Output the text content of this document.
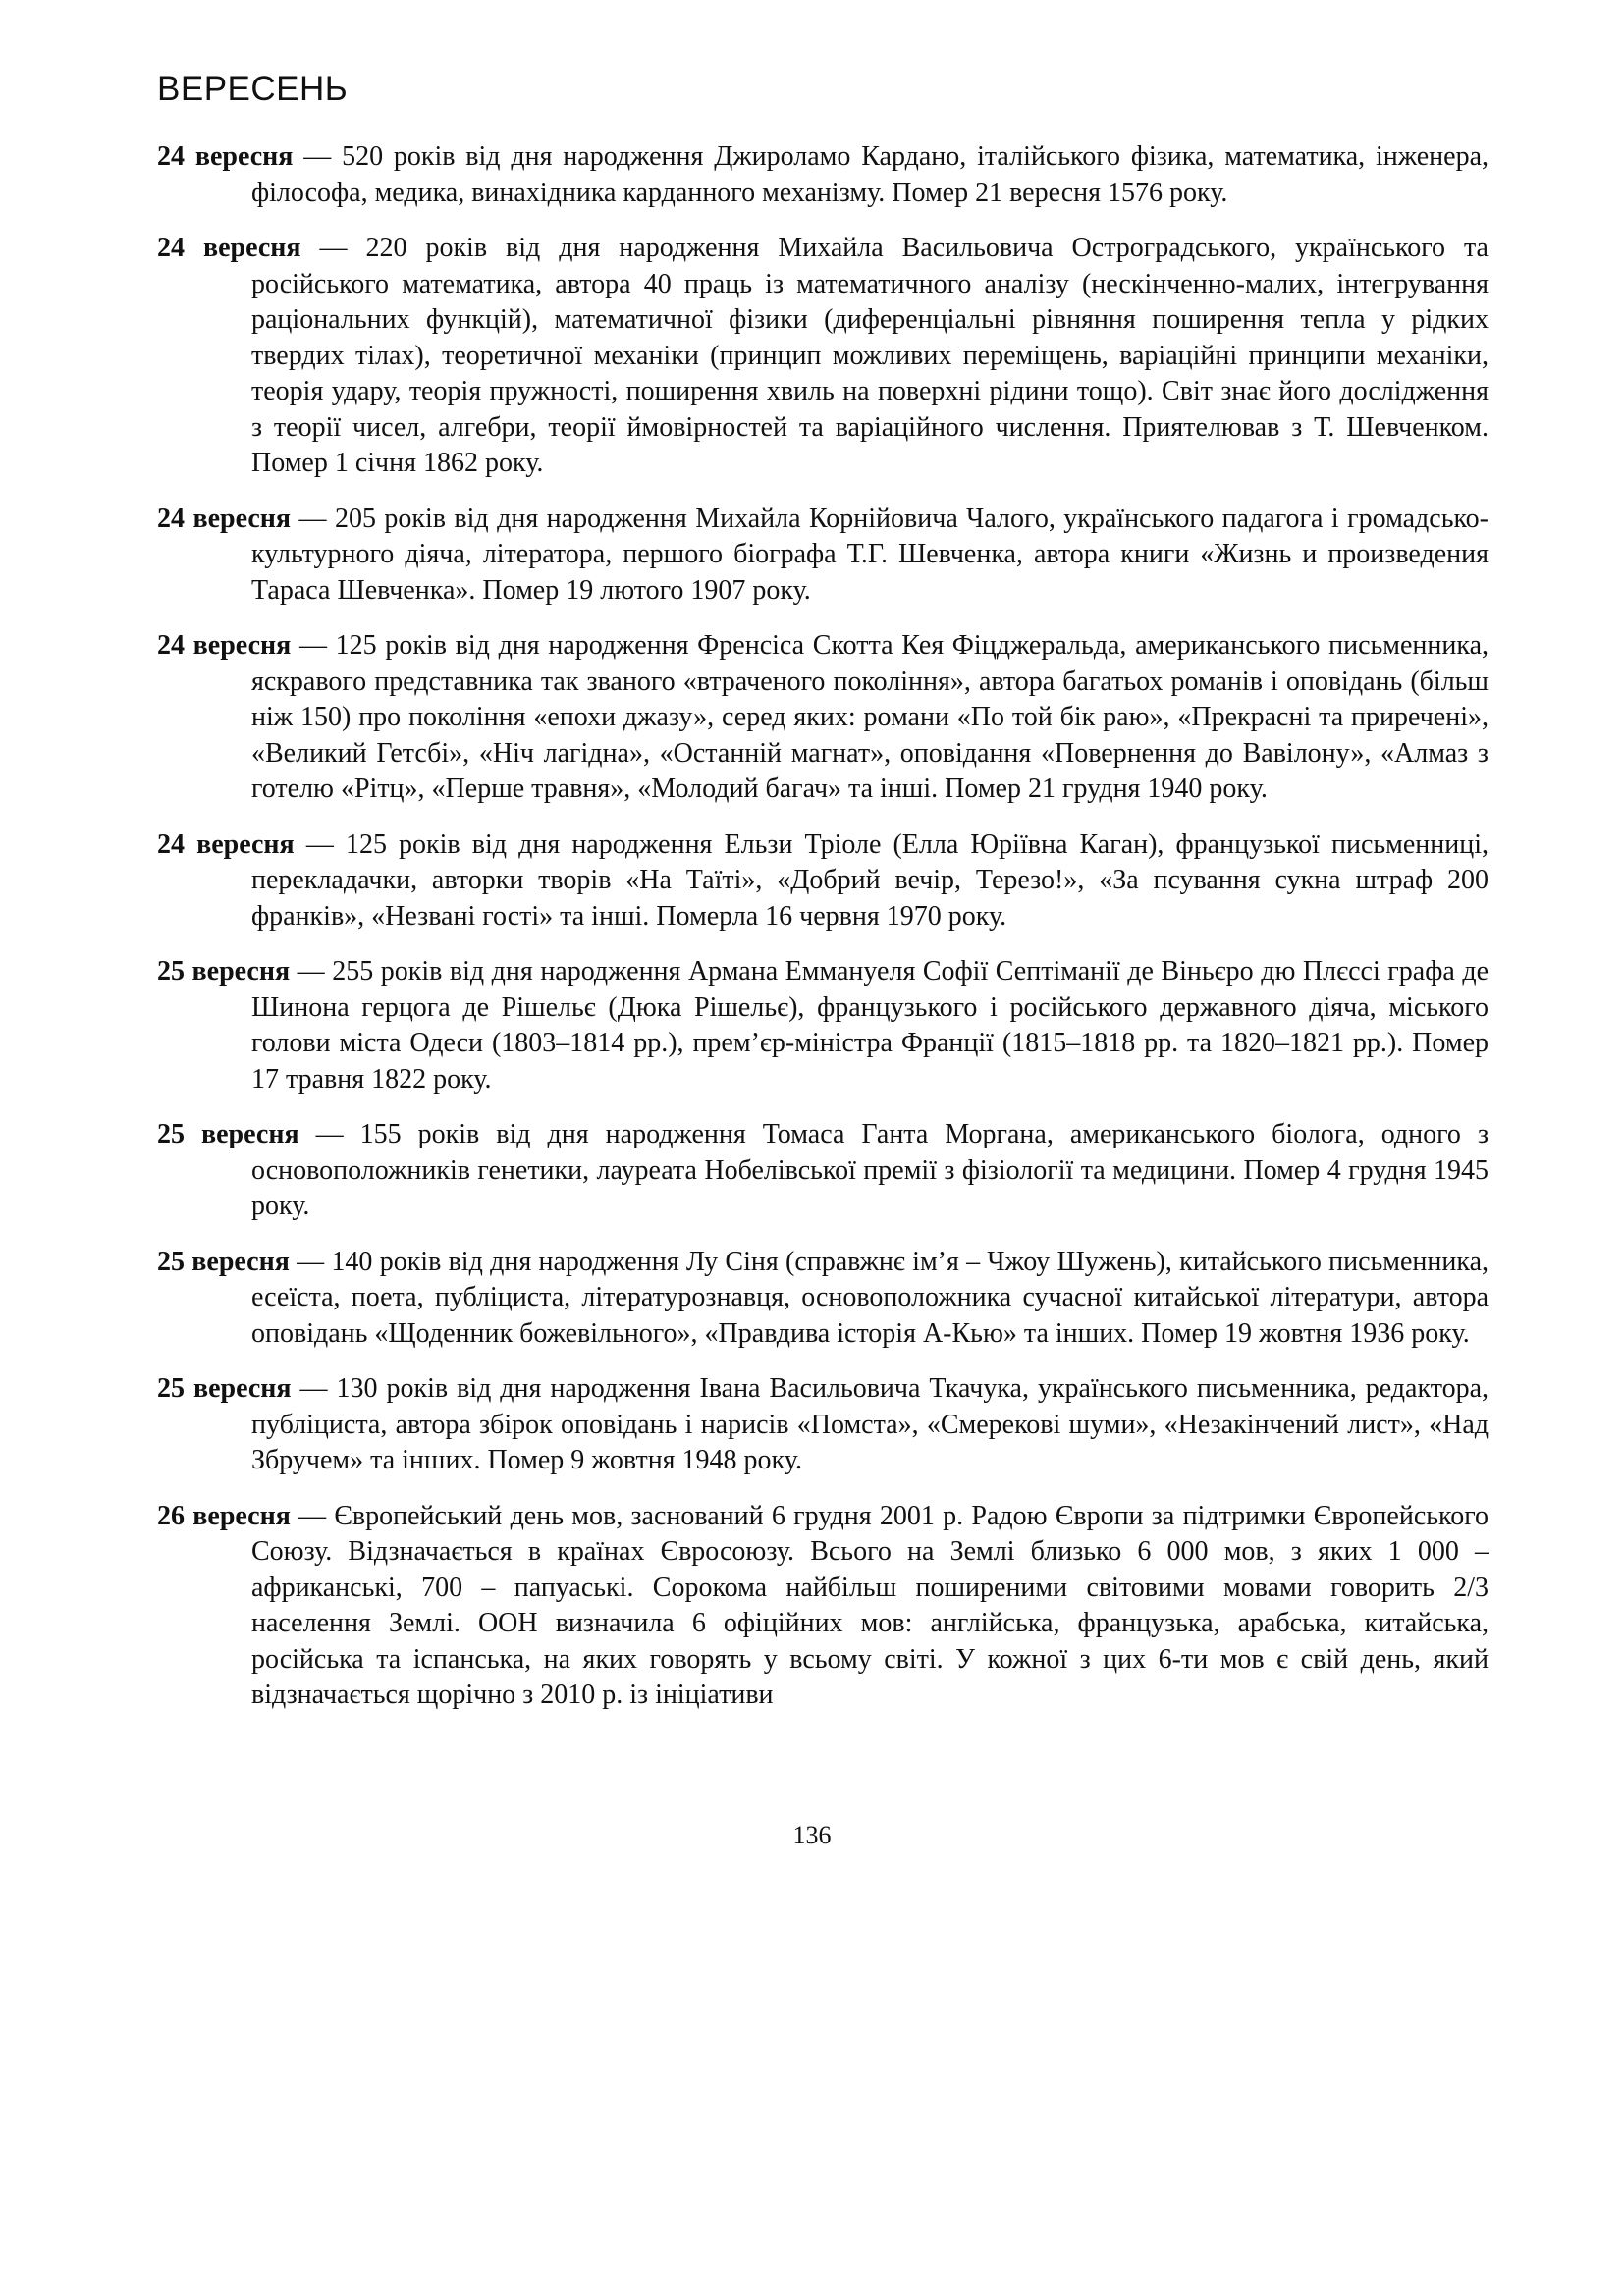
ВЕРЕСЕНЬ
24 вересня — 520 років від дня народження Джироламо Кардано, італійського фізика, математика, інженера, філософа, медика, винахідника карданного механізму. Помер 21 вересня 1576 року.
24 вересня — 220 років від дня народження Михайла Васильовича Остроградського, українського та російського математика, автора 40 праць із математичного аналізу (нескінченно-малих, інтегрування раціональних функцій), математичної фізики (диференціальні рівняння поширення тепла у рідких твердих тілах), теоретичної механіки (принцип можливих переміщень, варіаційні принципи механіки, теорія удару, теорія пружності, поширення хвиль на поверхні рідини тощо). Світ знає його дослідження з теорії чисел, алгебри, теорії ймовірностей та варіаційного числення. Приятелював з Т. Шевченком. Помер 1 січня 1862 року.
24 вересня — 205 років від дня народження Михайла Корнійовича Чалого, українського падагога і громадсько-культурного діяча, літератора, першого біографа Т.Г. Шевченка, автора книги «Жизнь и произведения Тараса Шевченка». Помер 19 лютого 1907 року.
24 вересня — 125 років від дня народження Френсіса Скотта Кея Фіцджеральда, американського письменника, яскравого представника так званого «втраченого покоління», автора багатьох романів і оповідань (більш ніж 150) про покоління «епохи джазу», серед яких: романи «По той бік раю», «Прекрасні та приречені», «Великий Гетсбі», «Ніч лагідна», «Останній магнат», оповідання «Повернення до Вавілону», «Алмаз з готелю «Рітц», «Перше травня», «Молодий багач» та інші. Помер 21 грудня 1940 року.
24 вересня — 125 років від дня народження Ельзи Тріоле (Елла Юріївна Каган), французької письменниці, перекладачки, авторки творів «На Таїті», «Добрий вечір, Терезо!», «За псування сукна штраф 200 франків», «Незвані гості» та інші. Померла 16 червня 1970 року.
25 вересня — 255 років від дня народження Армана Еммануеля Софії Септіманії де Віньєро дю Плєссі графа де Шинона герцога де Рішельє (Дюка Рішельє), французького і російського державного діяча, міського голови міста Одеси (1803–1814 рр.), прем’єр-міністра Франції (1815–1818 рр. та 1820–1821 рр.). Помер 17 травня 1822 року.
25 вересня — 155 років від дня народження Томаса Ганта Моргана, американського біолога, одного з основоположників генетики, лауреата Нобелівської премії з фізіології та медицини. Помер 4 грудня 1945 року.
25 вересня — 140 років від дня народження Лу Сіня (справжнє ім’я – Чжоу Шужень), китайського письменника, есеїста, поета, публіциста, літературознавця, основоположника сучасної китайської літератури, автора оповідань «Щоденник божевільного», «Правдива історія А-Кью» та інших. Помер 19 жовтня 1936 року.
25 вересня — 130 років від дня народження Івана Васильовича Ткачука, українського письменника, редактора, публіциста, автора збірок оповідань і нарисів «Помста», «Смерекові шуми», «Незакінчений лист», «Над Збручем» та інших. Помер 9 жовтня 1948 року.
26 вересня — Європейський день мов, заснований 6 грудня 2001 р. Радою Європи за підтримки Європейського Союзу. Відзначається в країнах Євросоюзу. Всього на Землі близько 6 000 мов, з яких 1 000 – африканські, 700 – папуаські. Сорокома найбільш поширеними світовими мовами говорить 2/3 населення Землі. ООН визначила 6 офіційних мов: англійська, французька, арабська, китайська, російська та іспанська, на яких говорять у всьому світі. У кожної з цих 6-ти мов є свій день, який відзначається щорічно з 2010 р. із ініціативи
136
